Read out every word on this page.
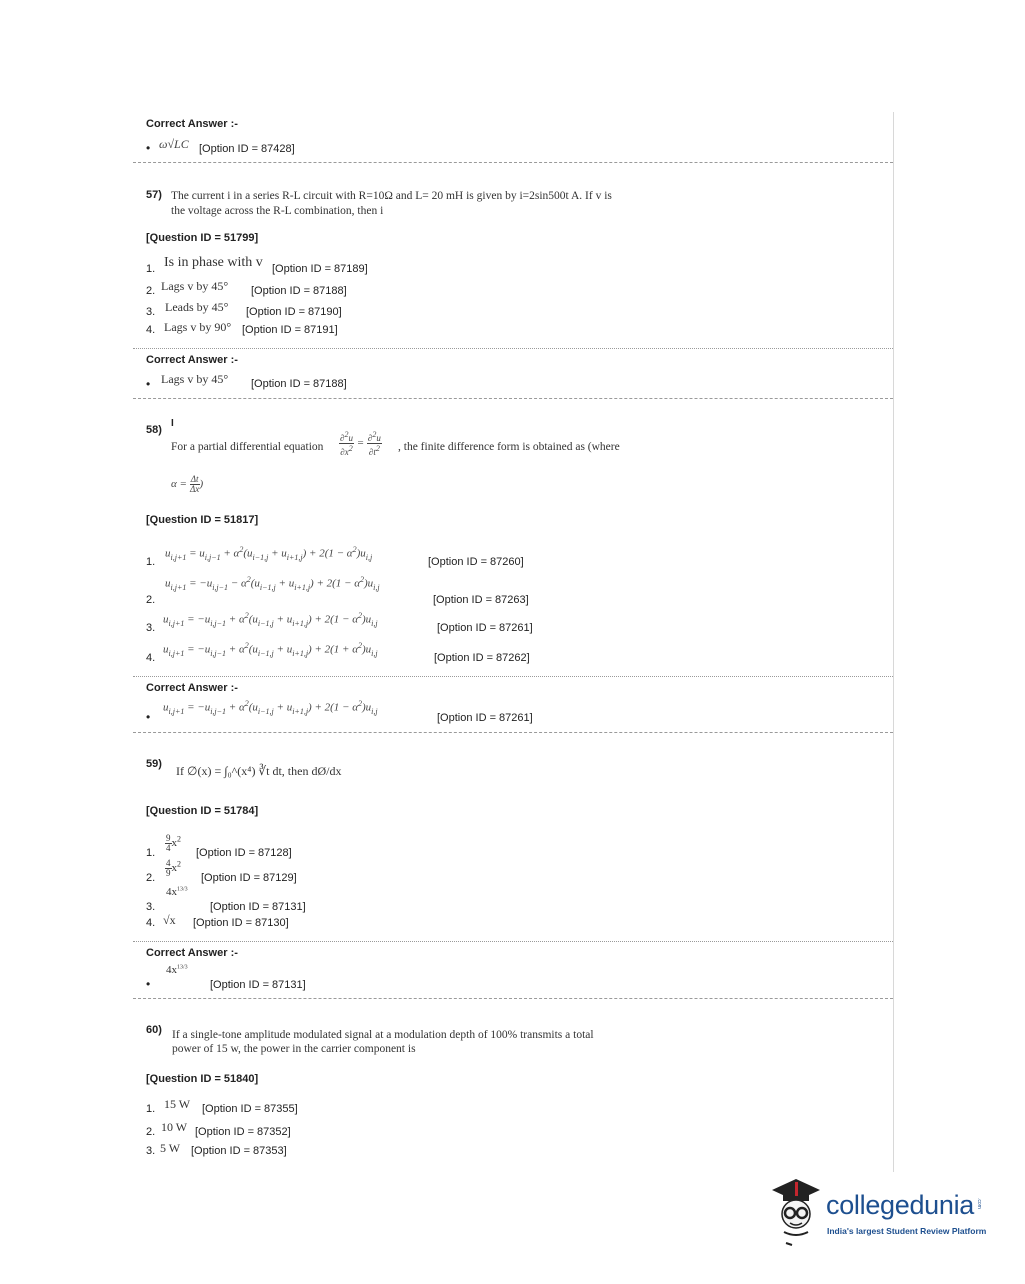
Correct Answer :-
• ω√LC [Option ID = 87428]
57) The current i in a series R-L circuit with R=10Ω and L= 20 mH is given by i=2sin500t A. If v is
the voltage across the R-L combination, then i
[Question ID = 51799]
1. Is in phase with v [Option ID = 87189]
2. Lags v by 45° [Option ID = 87188]
3. Leads by 45° [Option ID = 87190]
4. Lags v by 90° [Option ID = 87191]
Correct Answer :-
• Lags v by 45° [Option ID = 87188]
58)
I
For a partial differential equation $\frac{\partial^2u}{\partial x^2} = \frac{\partial^2u}{\partial t^2}$ , the finite difference form is obtained as (where
$\alpha = \frac{\Delta t}{\Delta x}$ )
[Question ID = 51817]
1.
$u_{i,j+1} = u_{i,j-1} + \alpha^2(u_{i-1,j} + u_{i+1,j}) + 2(1 - \alpha^2)u_{i,j}$	[Option ID = 87260]
2.
$u_{i,j+1} = -u_{i,j-1} - \alpha^2(u_{i-1,j} + u_{i+1,j}) + 2(1 - \alpha^2)u_{i,j}$
[Option ID = 87263]
3.
$u_{i,j+1} = -u_{i,j-1} + \alpha^2(u_{i-1,j} + u_{i+1,j}) + 2(1 - \alpha^2)u_{i,j}$	[Option ID = 87261]
4.
$u_{i,j+1} = -u_{i,j-1} + \alpha^2(u_{i-1,j} + u_{i+1,j}) + 2(1 + \alpha^2)u_{i,j}$	[Option ID = 87262]
Correct Answer :-
•
$u_{i,j+1} = -u_{i,j-1} + \alpha^2(u_{i-1,j} + u_{i+1,j}) + 2(1 - \alpha^2)u_{i,j}$
[Option ID = 87261]
59) If ∅(x) = ∫₀^(x⁴) ∛t dt, then dØ/dx
[Question ID = 51784]
1. $\frac{9}{4} x^2$
[Option ID = 87128]
2. $\frac{4}{9} x^2$
[Option ID = 87129]
3.
$4x^{13/3}$
[Option ID = 87131]
4. √x [Option ID = 87130]
Correct Answer :-
•
$4x^{13/3}$
[Option ID = 87131]
60) If a single-tone amplitude modulated signal at a modulation depth of 100% transmits a total
power of 15 w, the power in the carrier component is
[Question ID = 51840]
1. 15 W [Option ID = 87355]
2. 10 W [Option ID = 87352]
3. 5 W [Option ID = 87353]
collegedunia .com
India's largest Student Review Platform
